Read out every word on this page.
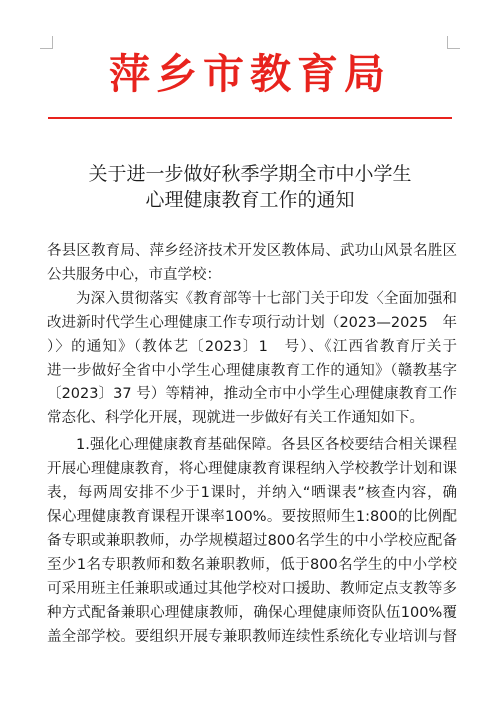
萍乡市教育局
关于进一步做好秋季学期全市中小学生
心理健康教育工作的通知
各县区教育局、萍乡经济技术开发区教体局、武功山风景名胜区
公共服务中心，市直学校：
为深入贯彻落实《教育部等十七部门关于印发〈全面加强和
改进新时代学生心理健康工作专项行动计划（2023—2025　年
）〉的通知》（教体艺〔2023〕1　号）、《江西省教育厅关于
进一步做好全省中小学生心理健康教育工作的通知》（赣教基字
〔2023〕37 号）等精神，推动全市中小学生心理健康教育工作
常态化、科学化开展，现就进一步做好有关工作通知如下。
1.强化心理健康教育基础保障。各县区各校要结合相关课程
开展心理健康教育，将心理健康教育课程纳入学校教学计划和课
表，每两周安排不少于1课时，并纳入“晒课表”核查内容，确
保心理健康教育课程开课率100%。要按照师生1:800的比例配
备专职或兼职教师，办学规模超过800名学生的中小学校应配备
至少1名专职教师和数名兼职教师，低于800名学生的中小学校
可采用班主任兼职或通过其他学校对口援助、教师定点支教等多
种方式配备兼职心理健康教师，确保心理健康师资队伍100%覆
盖全部学校。要组织开展专兼职教师连续性系统化专业培训与督
